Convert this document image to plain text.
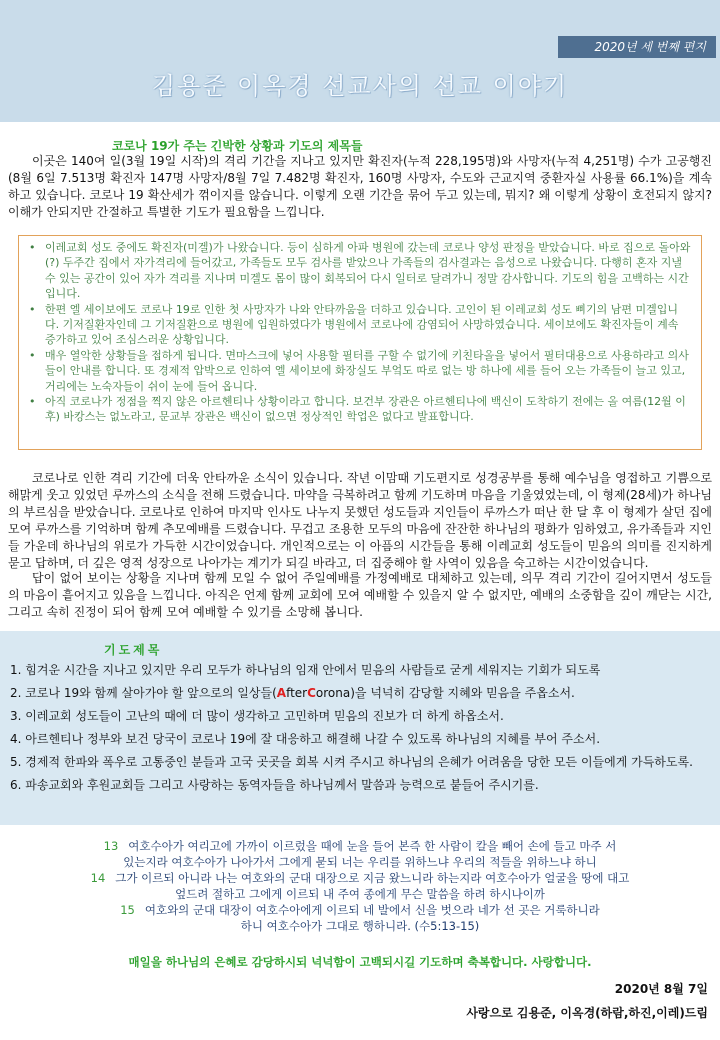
2020년 세 번째 편지
김용준 이옥경 선교사의 선교 이야기
코로나 19가 주는 긴박한 상황과 기도의 제목들
이곳은 140여 일(3월 19일 시작)의 격리 기간을 지나고 있지만 확진자(누적 228,195명)와 사망자(누적 4,251명) 수가 고공행진(8월 6일 7.513명 확진자 147명 사망자/8월 7일 7.482명 확진자, 160명 사망자, 수도와 근교지역 중환자실 사용률 66.1%)을 계속하고 있습니다. 코로나 19 확산세가 꺾이지를 않습니다. 이렇게 오랜 기간을 묶어 두고 있는데, 뭐지? 왜 이렇게 상황이 호전되지 않지? 이해가 안되지만 간절하고 특별한 기도가 필요함을 느낍니다.
• 이레교회 성도 중에도 확진자(미겔)가 나왔습니다. 등이 심하게 아파 병원에 갔는데 코로나 양성 판정을 받았습니다. 바로 집으로 돌아와(?) 두주간 집에서 자가격리에 들어갔고, 가족들도 모두 검사를 받았으나 가족들의 검사결과는 음성으로 나왔습니다. 다행히 혼자 지낼 수 있는 공간이 있어 자가 격리를 지나며 미겔도 몸이 많이 회복되어 다시 일터로 달려가니 정말 감사합니다. 기도의 힘을 고백하는 시간입니다.
• 한편 엘 세이보에도 코로나 19로 인한 첫 사망자가 나와 안타까움을 더하고 있습니다. 고인이 된 이레교회 성도 삐기의 남편 미겔입니다. 기저질환자인데 그 기저질환으로 병원에 입원하였다가 병원에서 코로나에 감염되어 사망하였습니다. 세이보에도 확진자들이 계속 증가하고 있어 조심스러운 상황입니다.
• 매우 열악한 상황들을 접하게 됩니다. 면마스크에 넣어 사용할 필터를 구할 수 없기에 키친타올을 넣어서 필터대용으로 사용하라고 의사들이 안내를 합니다. 또 경제적 압박으로 인하여 엘 세이보에 화장실도 부엌도 따로 없는 방 하나에 세를 들어 오는 가족들이 늘고 있고, 거리에는 노숙자들이 쉬이 눈에 들어 옵니다.
• 아직 코로나가 정점을 찍지 않은 아르헨티나 상황이라고 합니다. 보건부 장관은 아르헨티나에 백신이 도착하기 전에는 올 여름(12월 이후) 바캉스는 없노라고, 문교부 장관은 백신이 없으면 정상적인 학업은 없다고 발표합니다.
코로나로 인한 격리 기간에 더욱 안타까운 소식이 있습니다. 작년 이맘때 기도편지로 성경공부를 통해 예수님을 영접하고 기쁨으로 해맑게 웃고 있었던 루까스의 소식을 전해 드렸습니다. 마약을 극복하려고 함께 기도하며 마음을 기울였었는데, 이 형제(28세)가 하나님의 부르심을 받았습니다. 코로나로 인하여 마지막 인사도 나누지 못했던 성도들과 지인들이 루까스가 떠난 한 달 후 이 형제가 살던 집에 모여 루까스를 기억하며 함께 추모예배를 드렸습니다. 무겁고 조용한 모두의 마음에 잔잔한 하나님의 평화가 임하였고, 유가족들과 지인들 가운데 하나님의 위로가 가득한 시간이었습니다. 개인적으로는 이 아픔의 시간들을 통해 이레교회 성도들이 믿음의 의미를 진지하게 묻고 답하며, 더 깊은 영적 성장으로 나아가는 계기가 되길 바라고, 더 집중해야 할 사역이 있음을 숙고하는 시간이었습니다.
답이 없어 보이는 상황을 지나며 함께 모일 수 없어 주일예배를 가정예배로 대체하고 있는데, 의무 격리 기간이 길어지면서 성도들의 마음이 흩어지고 있음을 느낍니다. 아직은 언제 함께 교회에 모여 예배할 수 있을지 알 수 없지만, 예배의 소중함을 깊이 깨닫는 시간, 그리고 속히 진정이 되어 함께 모여 예배할 수 있기를 소망해 봅니다.
기도제목
1. 힘겨운 시간을 지나고 있지만 우리 모두가 하나님의 임재 안에서 믿음의 사람들로 굳게 세워지는 기회가 되도록
2. 코로나 19와 함께 살아가야 할 앞으로의 일상들(AfterCorona)을 넉넉히 감당할 지혜와 믿음을 주옵소서.
3. 이레교회 성도들이 고난의 때에 더 많이 생각하고 고민하며 믿음의 진보가 더 하게 하옵소서.
4. 아르헨티나 정부와 보건 당국이 코로나 19에 잘 대응하고 해결해 나갈 수 있도록 하나님의 지혜를 부어 주소서.
5. 경제적 한파와 폭우로 고통중인 분들과 고국 곳곳을 회복 시켜 주시고 하나님의 은혜가 어려움을 당한 모든 이들에게 가득하도록.
6. 파송교회와 후원교회들 그리고 사랑하는 동역자들을 하나님께서 말씀과 능력으로 붙들어 주시기를.
13 여호수아가 여리고에 가까이 이르렀을 때에 눈을 들어 본즉 한 사람이 칼을 빼어 손에 들고 마주 서
있는지라 여호수아가 나아가서 그에게 묻되 너는 우리를 위하느냐 우리의 적들을 위하느냐 하니
14 그가 이르되 아니라 나는 여호와의 군대 대장으로 지금 왔느니라 하는지라 여호수아가 얼굴을 땅에 대고
엎드려 절하고 그에게 이르되 내 주여 종에게 무슨 말씀을 하려 하시나이까
15 여호와의 군대 대장이 여호수아에게 이르되 네 발에서 신을 벗으라 네가 선 곳은 거룩하니라
하니 여호수아가 그대로 행하니라. (수5:13-15)
매일을 하나님의 은혜로 감당하시되 넉넉함이 고백되시길 기도하며 축복합니다. 사랑합니다.
2020년 8월 7일
사랑으로 김용준, 이옥경(하람,하진,이레)드림
